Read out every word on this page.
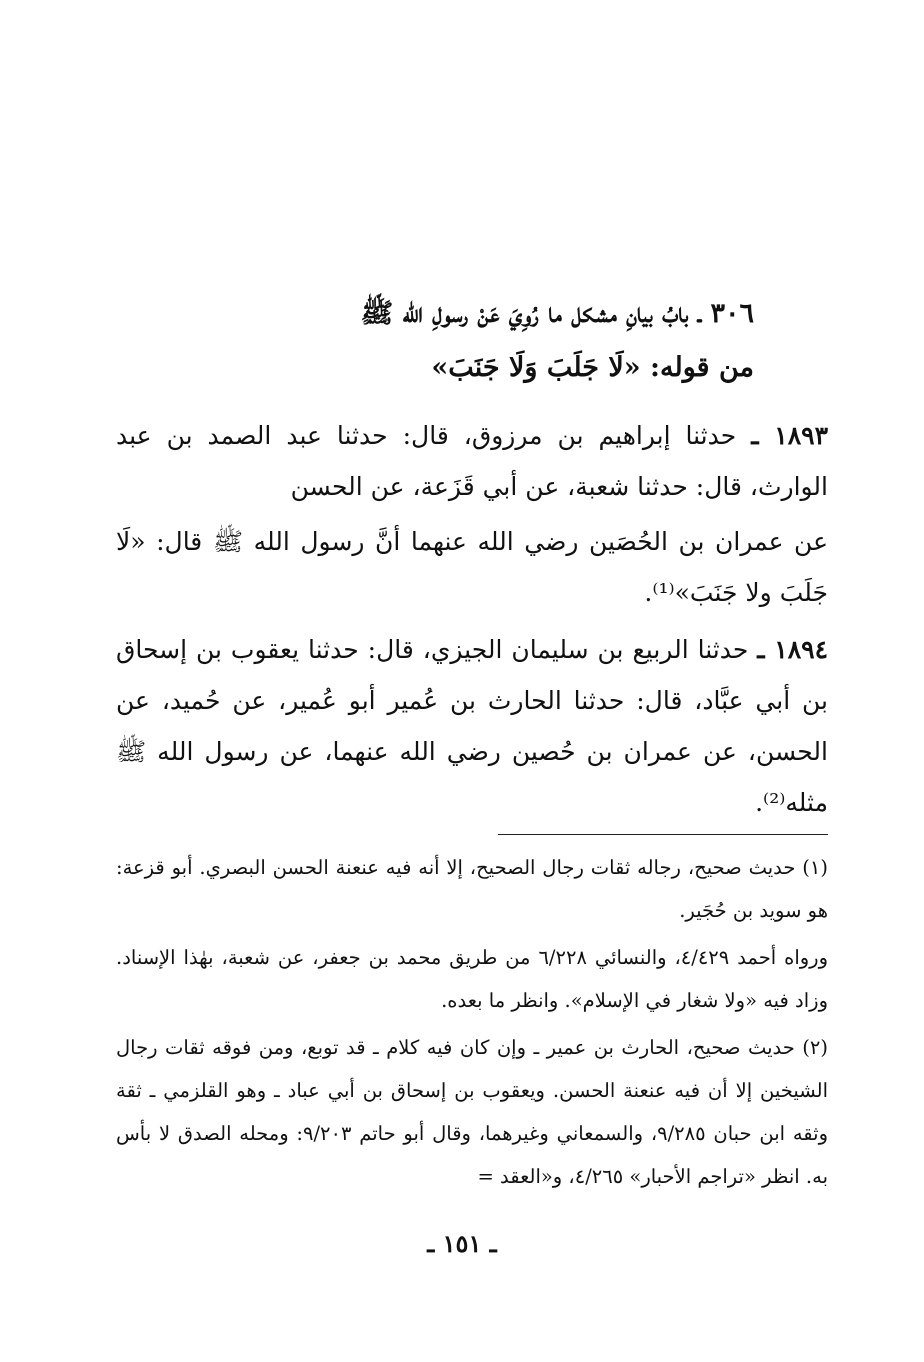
٣٠٦ ـ بابُ بيانِ مشكل ما رُوِيَ عَنْ رسولِ الله ﷺ
من قوله: «لَا جَلَبَ وَلَا جَنَبَ»
١٨٩٣ ـ حدثنا إبراهيم بن مرزوق، قال: حدثنا عبد الصمد بن عبد الوارث، قال: حدثنا شعبة، عن أبي قَزَعة، عن الحسن
عن عمران بن الحُصَين رضي الله عنهما أنَّ رسول الله ﷺ قال: «لَا جَلَبَ ولا جَنَبَ»⁽¹⁾.
١٨٩٤ ـ حدثنا الربيع بن سليمان الجيزي، قال: حدثنا يعقوب بن إسحاق بن أبي عبَّاد، قال: حدثنا الحارث بن عُمير أبو عُمير، عن حُميد، عن الحسن، عن عمران بن حُصين رضي الله عنهما، عن رسول الله ﷺ مثله⁽²⁾.
(١) حديث صحيح، رجاله ثقات رجال الصحيح، إلا أنه فيه عنعنة الحسن البصري. أبو قزعة: هو سويد بن حُجَير.
ورواه أحمد ٤/٤٢٩، والنسائي ٦/٢٢٨ من طريق محمد بن جعفر، عن شعبة، بهٰذا الإسناد. وزاد فيه «ولا شغار في الإسلام». وانظر ما بعده.
(٢) حديث صحيح، الحارث بن عمير ـ وإن كان فيه كلام ـ قد توبع، ومن فوقه ثقات رجال الشيخين إلا أن فيه عنعنة الحسن. ويعقوب بن إسحاق بن أبي عباد ـ وهو القلزمي ـ ثقة وثقه ابن حبان ٩/٢٨٥، والسمعاني وغيرهما، وقال أبو حاتم ٩/٢٠٣: ومحله الصدق لا بأس به. انظر «تراجم الأحبار» ٤/٢٦٥، و«العقد =
ـ ١٥١ ـ
